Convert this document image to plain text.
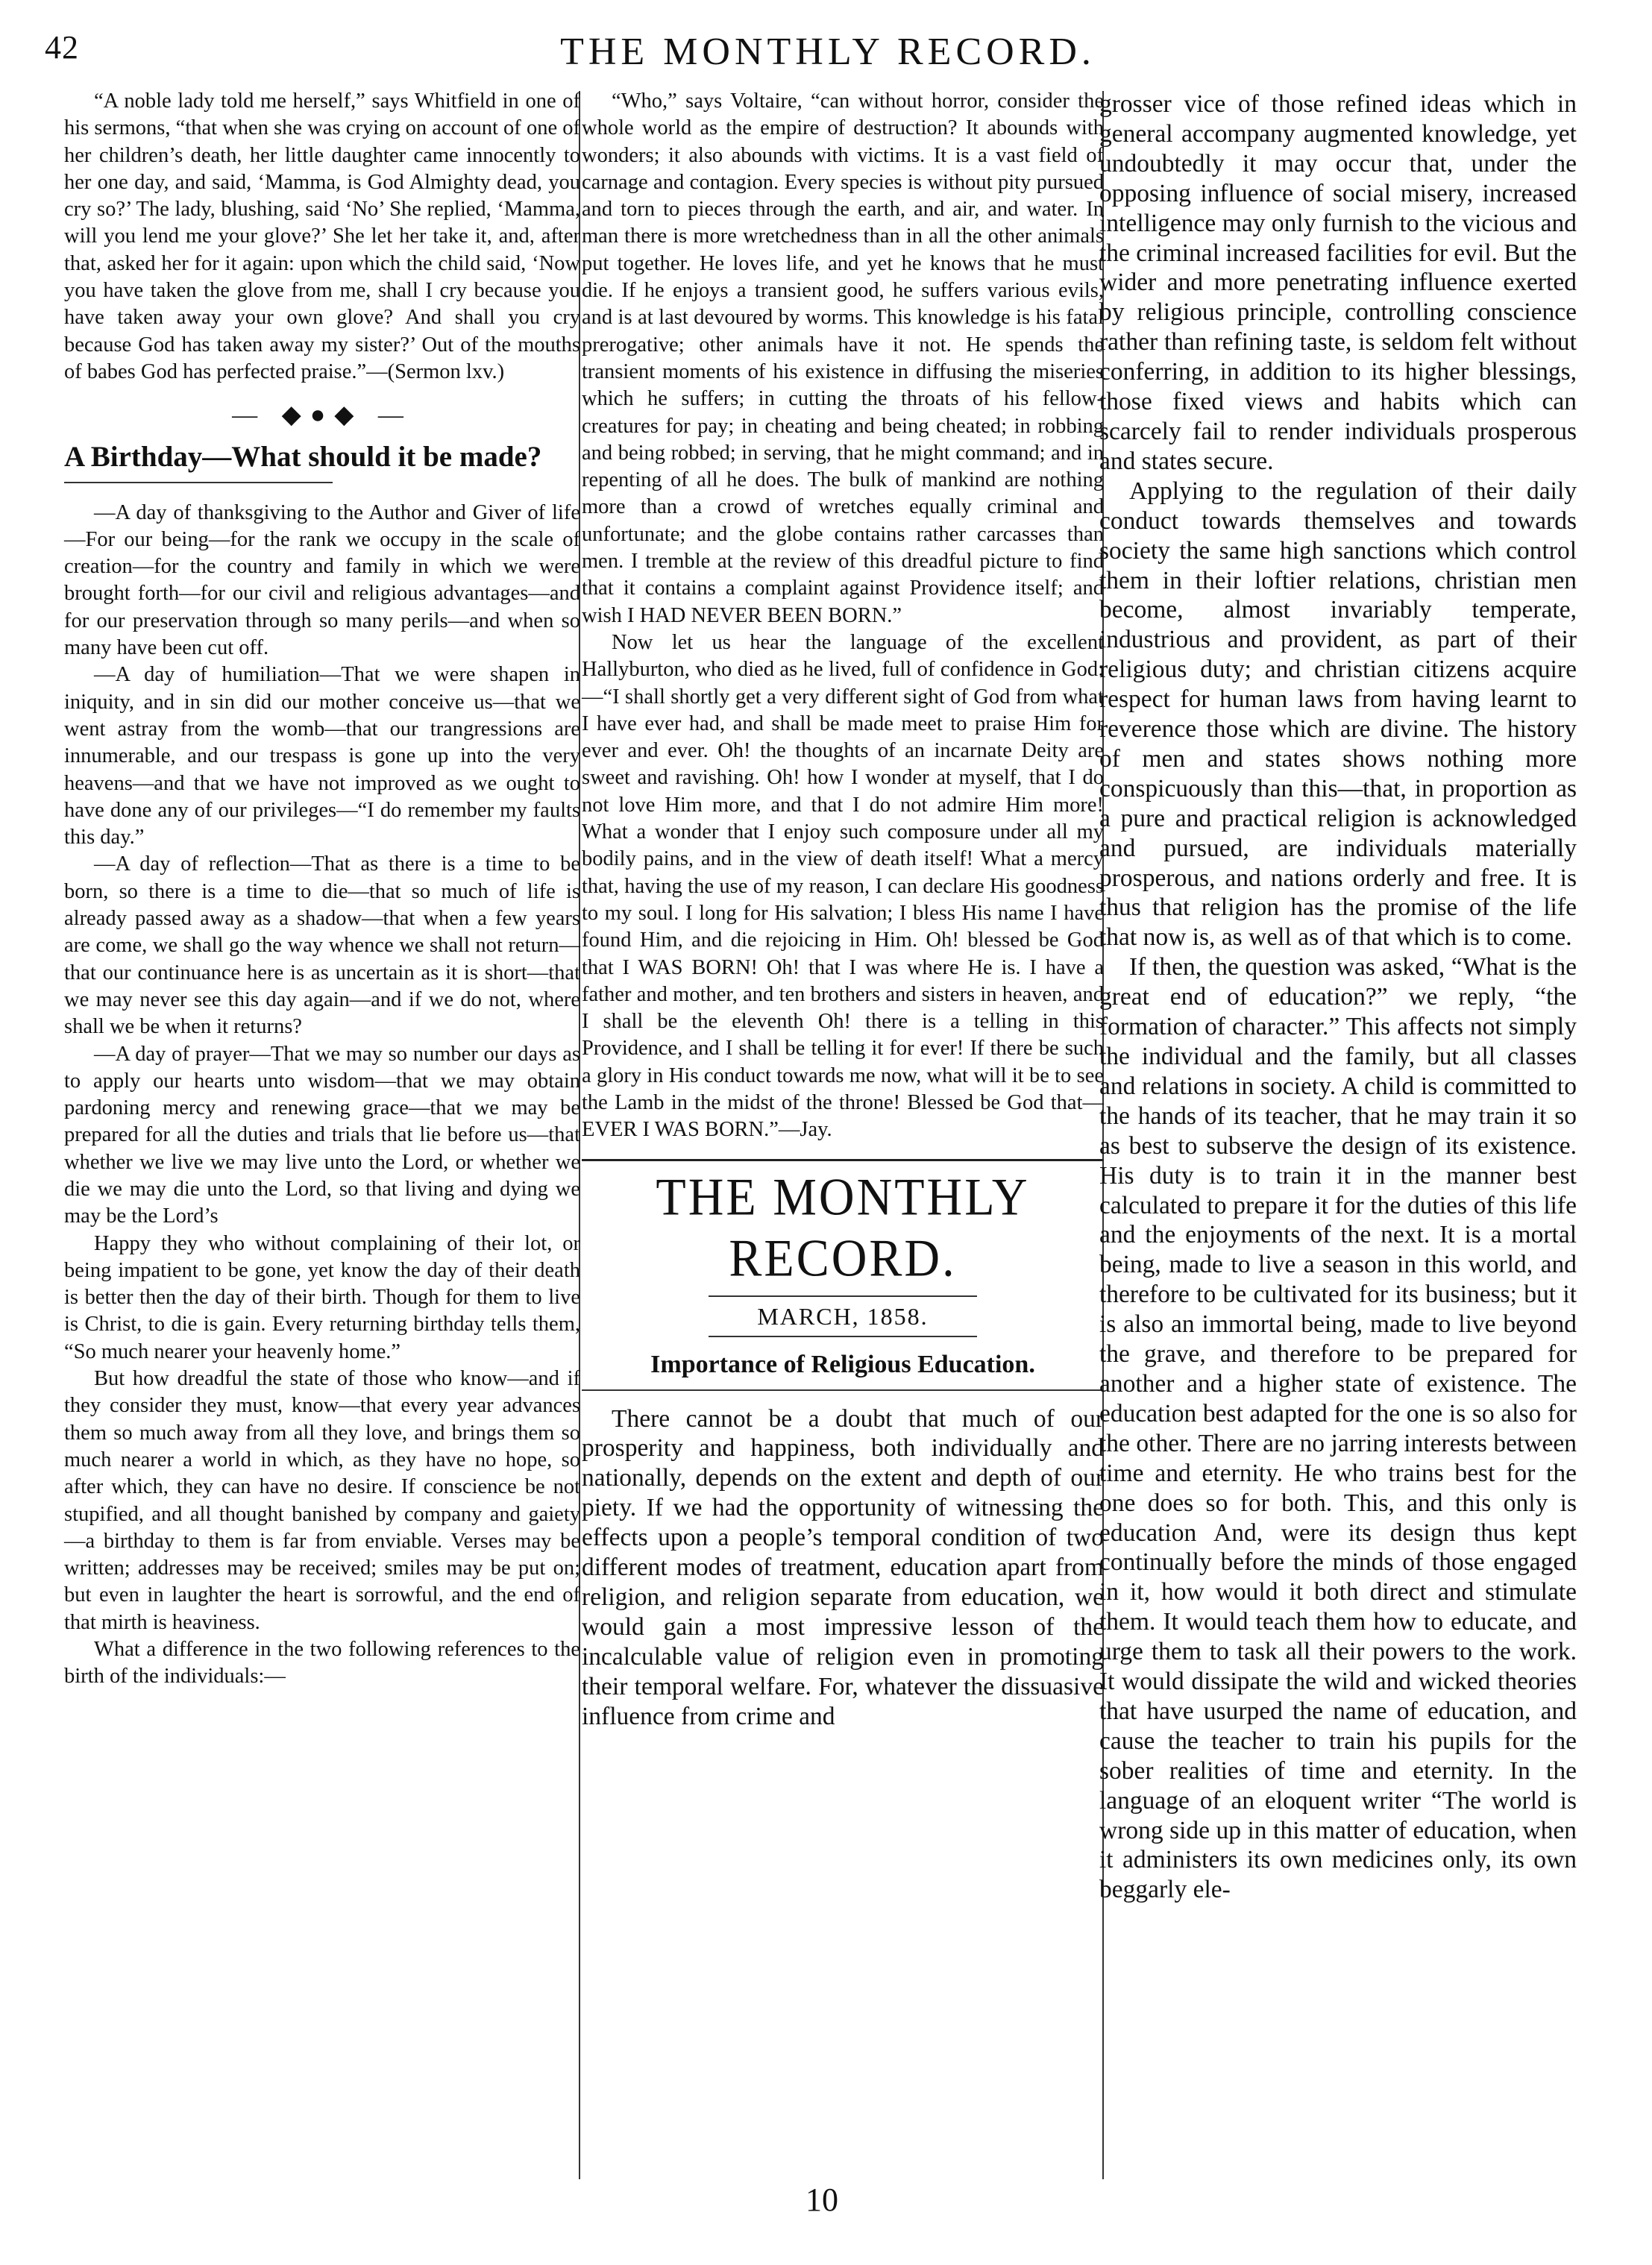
42	THE MONTHLY RECORD.

“A noble lady told me herself,” says Whitfield in one of his sermons, “that when she was crying on account of one of her children’s death, her little daughter came innocently to her one day, and said, ‘Mamma, is God Almighty dead, you cry so?’ The lady, blushing, said ‘No’ She replied, ‘Mamma, will you lend me your glove?’ She let her take it, and, after that, asked her for it again: upon which the child said, ‘Now you have taken the glove from me, shall I cry because you have taken away your own glove? And shall you cry because God has taken away my sister?’ Out of the mouths of babes God has perfected praise.”—(Sermon lxv.)

— ◆●◆ —
A Birthday—What should it be made?

—A day of thanksgiving to the Author and Giver of life—For our being—for the rank we occupy in the scale of creation—for the country and family in which we were brought forth—for our civil and religious advantages—and for our preservation through so many perils—and when so many have been cut off.

—A day of humiliation—That we were shapen in iniquity, and in sin did our mother conceive us—that we went astray from the womb—that our trangressions are innumerable, and our trespass is gone up into the very heavens—and that we have not improved as we ought to have done any of our privileges—“I do remember my faults this day.”

—A day of reflection—That as there is a time to be born, so there is a time to die—that so much of life is already passed away as a shadow—that when a few years are come, we shall go the way whence we shall not return—that our continuance here is as uncertain as it is short—that we may never see this day again—and if we do not, where shall we be when it returns?

—A day of prayer—That we may so number our days as to apply our hearts unto wisdom—that we may obtain pardoning mercy and renewing grace—that we may be prepared for all the duties and trials that lie before us—that whether we live we may live unto the Lord, or whether we die we may die unto the Lord, so that living and dying we may be the Lord’s

Happy they who without complaining of their lot, or being impatient to be gone, yet know the day of their death is better then the day of their birth. Though for them to live is Christ, to die is gain. Every returning birthday tells them, “So much nearer your heavenly home.”

But how dreadful the state of those who know—and if they consider they must, know—that every year advances them so much away from all they love, and brings them so much nearer a world in which, as they have no hope, so after which, they can have no desire. If conscience be not stupified, and all thought banished by company and gaiety—a birthday to them is far from enviable. Verses may be written; addresses may be received; smiles may be put on; but even in laughter the heart is sorrowful, and the end of that mirth is heaviness.

What a difference in the two following references to the birth of the individuals:—

“Who,” says Voltaire, “can without horror, consider the whole world as the empire of destruction? It abounds with wonders; it also abounds with victims. It is a vast field of carnage and contagion. Every species is without pity pursued and torn to pieces through the earth, and air, and water. In man there is more wretchedness than in all the other animals put together. He loves life, and yet he knows that he must die. If he enjoys a transient good, he suffers various evils, and is at last devoured by worms. This knowledge is his fatal prerogative; other animals have it not. He spends the transient moments of his existence in diffusing the miseries which he suffers; in cutting the throats of his fellow-creatures for pay; in cheating and being cheated; in robbing and being robbed; in serving, that he might command; and in repenting of all he does. The bulk of mankind are nothing more than a crowd of wretches equally criminal and unfortunate; and the globe contains rather carcasses than men. I tremble at the review of this dreadful picture to find that it contains a complaint against Providence itself; and wish I HAD NEVER BEEN BORN.”

Now let us hear the language of the excellent Hallyburton, who died as he lived, full of confidence in God:—“I shall shortly get a very different sight of God from what I have ever had, and shall be made meet to praise Him for ever and ever. Oh! the thoughts of an incarnate Deity are sweet and ravishing. Oh! how I wonder at myself, that I do not love Him more, and that I do not admire Him more! What a wonder that I enjoy such composure under all my bodily pains, and in the view of death itself! What a mercy that, having the use of my reason, I can declare His goodness to my soul. I long for His salvation; I bless His name I have found Him, and die rejoicing in Him. Oh! blessed be God that I WAS BORN! Oh! that I was where He is. I have a father and mother, and ten brothers and sisters in heaven, and I shall be the eleventh Oh! there is a telling in this Providence, and I shall be telling it for ever! If there be such a glory in His conduct towards me now, what will it be to see the Lamb in the midst of the throne! Blessed be God that—EVER I WAS BORN.”—Jay.

THE MONTHLY RECORD.
MARCH, 1858.
Importance of Religious Education.

There cannot be a doubt that much of our prosperity and happiness, both individually and nationally, depends on the extent and depth of our piety. If we had the opportunity of witnessing the effects upon a people’s temporal condition of two different modes of treatment, education apart from religion, and religion separate from education, we would gain a most impressive lesson of the incalculable value of religion even in promoting their temporal welfare. For, whatever the dissuasive influence from crime and

grosser vice of those refined ideas which in general accompany augmented knowledge, yet undoubtedly it may occur that, under the opposing influence of social misery, increased intelligence may only furnish to the vicious and the criminal increased facilities for evil. But the wider and more penetrating influence exerted by religious principle, controlling conscience rather than refining taste, is seldom felt without conferring, in addition to its higher blessings, those fixed views and habits which can scarcely fail to render individuals prosperous and states secure.

Applying to the regulation of their daily conduct towards themselves and towards society the same high sanctions which control them in their loftier relations, christian men become, almost invariably temperate, industrious and provident, as part of their religious duty; and christian citizens acquire respect for human laws from having learnt to reverence those which are divine. The history of men and states shows nothing more conspicuously than this—that, in proportion as a pure and practical religion is acknowledged and pursued, are individuals materially prosperous, and nations orderly and free. It is thus that religion has the promise of the life that now is, as well as of that which is to come.

If then, the question was asked, “What is the great end of education?” we reply, “the formation of character.” This affects not simply the individual and the family, but all classes and relations in society. A child is committed to the hands of its teacher, that he may train it so as best to subserve the design of its existence. His duty is to train it in the manner best calculated to prepare it for the duties of this life and the enjoyments of the next. It is a mortal being, made to live a season in this world, and therefore to be cultivated for its business; but it is also an immortal being, made to live beyond the grave, and therefore to be prepared for another and a higher state of existence. The education best adapted for the one is so also for the other. There are no jarring interests between time and eternity. He who trains best for the one does so for both. This, and this only is education And, were its design thus kept continually before the minds of those engaged in it, how would it both direct and stimulate them. It would teach them how to educate, and urge them to task all their powers to the work. It would dissipate the wild and wicked theories that have usurped the name of education, and cause the teacher to train his pupils for the sober realities of time and eternity. In the language of an eloquent writer “The world is wrong side up in this matter of education, when it administers its own medicines only, its own beggarly ele-

10
